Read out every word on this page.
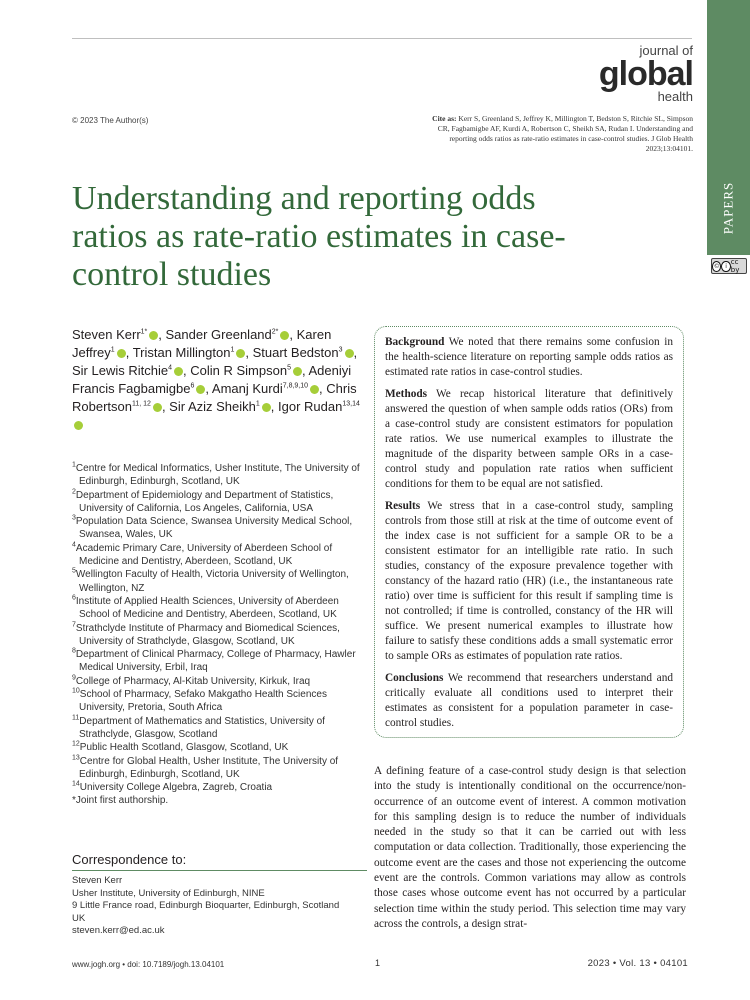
PAPERS
© i cc by
journal of
global
health
© 2023 The Author(s)	Cite as: Kerr S, Greenland S, Jeffrey K, Millington T, Bedston S, Ritchie SL, Simpson CR, Fagbamigbe AF, Kurdi A, Robertson C, Sheikh SA, Rudan I. Understanding and reporting odds ratios as rate-ratio estimates in case-control studies. J Glob Health 2023;13:04101.
Understanding and reporting odds ratios as rate-ratio estimates in case-control studies
Steven Kerr$^{1*}$ , Sander Greenland$^{2*}$ , Karen Jeffrey$^1$ , Tristan Millington$^1$ , Stuart Bedston$^3$ , Sir Lewis Ritchie$^4$ , Colin R Simpson$^5$ , Adeniyi Francis Fagbamigbe$^6$ , Amanj Kurdi$^{7,8,9,10}$ , Chris Robertson$^{11, 12}$ , Sir Aziz Sheikh$^1$ , Igor Rudan$^{13,14}$
$^1$Centre for Medical Informatics, Usher Institute, The University of Edinburgh, Edinburgh, Scotland, UK
$^2$Department of Epidemiology and Department of Statistics, University of California, Los Angeles, California, USA
$^3$Population Data Science, Swansea University Medical School, Swansea, Wales, UK
$^4$Academic Primary Care, University of Aberdeen School of Medicine and Dentistry, Aberdeen, Scotland, UK
$^5$Wellington Faculty of Health, Victoria University of Wellington, Wellington, NZ
$^6$Institute of Applied Health Sciences, University of Aberdeen School of Medicine and Dentistry, Aberdeen, Scotland, UK
$^7$Strathclyde Institute of Pharmacy and Biomedical Sciences, University of Strathclyde, Glasgow, Scotland, UK
$^8$Department of Clinical Pharmacy, College of Pharmacy, Hawler Medical University, Erbil, Iraq
$^9$College of Pharmacy, Al-Kitab University, Kirkuk, Iraq
$^{10}$School of Pharmacy, Sefako Makgatho Health Sciences University, Pretoria, South Africa
$^{11}$Department of Mathematics and Statistics, University of Strathclyde, Glasgow, Scotland
$^{12}$Public Health Scotland, Glasgow, Scotland, UK
$^{13}$Centre for Global Health, Usher Institute, The University of Edinburgh, Edinburgh, Scotland, UK
$^{14}$University College Algebra, Zagreb, Croatia
*Joint first authorship.
Correspondence to:
Steven Kerr
Usher Institute, University of Edinburgh, NINE
9 Little France road, Edinburgh Bioquarter, Edinburgh, Scotland
UK
steven.kerr@ed.ac.uk

Background We noted that there remains some confusion in the health-science literature on reporting sample odds ratios as estimated rate ratios in case-control studies.

Methods We recap historical literature that definitively answered the question of when sample odds ratios (ORs) from a case-control study are consistent estimators for population rate ratios. We use numerical examples to illustrate the magnitude of the disparity between sample ORs in a case-control study and population rate ratios when sufficient conditions for them to be equal are not satisfied.

Results We stress that in a case-control study, sampling controls from those still at risk at the time of outcome event of the index case is not sufficient for a sample OR to be a consistent estimator for an intelligible rate ratio. In such studies, constancy of the exposure prevalence together with constancy of the hazard ratio (HR) (i.e., the instantaneous rate ratio) over time is sufficient for this result if sampling time is not controlled; if time is controlled, constancy of the HR will suffice. We present numerical examples to illustrate how failure to satisfy these conditions adds a small systematic error to sample ORs as estimates of population rate ratios.

Conclusions We recommend that researchers understand and critically evaluate all conditions used to interpret their estimates as consistent for a population parameter in case-control studies.

A defining feature of a case-control study design is that selection into the study is intentionally conditional on the occurrence/non-occurrence of an outcome event of interest. A common motivation for this sampling design is to reduce the number of individuals needed in the study so that it can be carried out with less computation or data collection. Traditionally, those experiencing the outcome event are the cases and those not experiencing the outcome event are the controls. Common variations may allow as controls those cases whose outcome event has not occurred by a particular selection time within the study period. This selection time may vary across the controls, a design strat-
www.jogh.org • doi: 10.7189/jogh.13.04101	1	2023 • Vol. 13 • 04101
